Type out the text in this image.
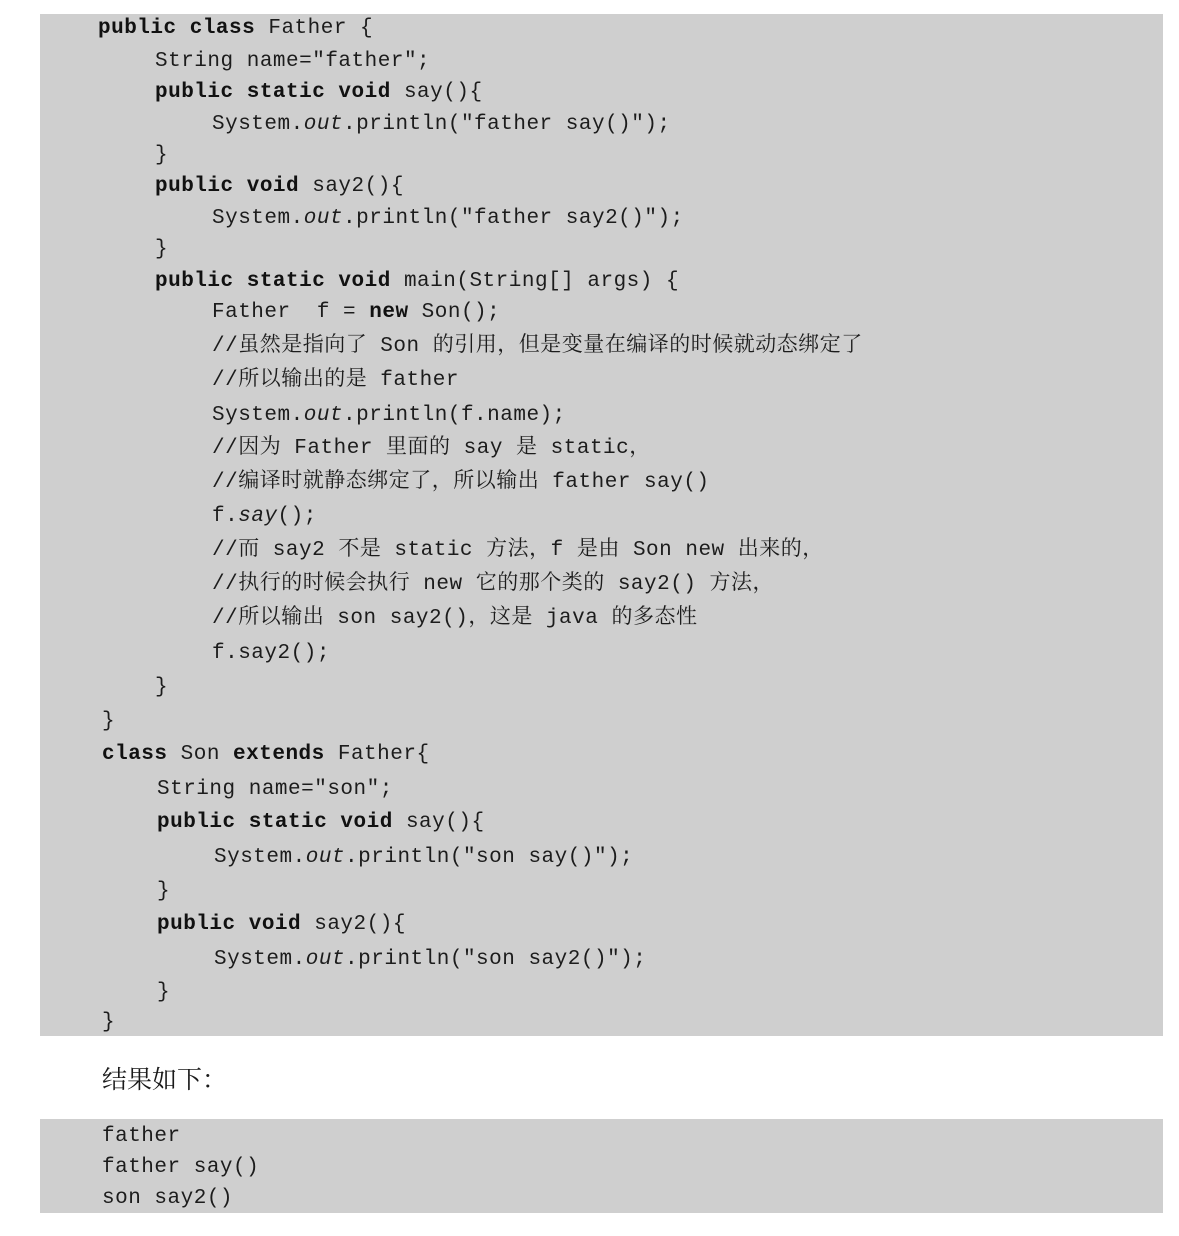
public class Father {
String name="father";
public static void say(){
System.out.println("father say()");
}
public void say2(){
System.out.println("father say2()");
}
public static void main(String[] args) {
Father  f = new Son();
//虽然是指向了 Son 的引用，但是变量在编译的时候就动态绑定了
//所以输出的是 father
System.out.println(f.name);
//因为 Father 里面的 say 是 static，
//编译时就静态绑定了，所以输出 father say()
f.say();
//而 say2 不是 static 方法，f 是由 Son new 出来的，
//执行的时候会执行 new 它的那个类的 say2() 方法，
//所以输出 son say2()，这是 java 的多态性
f.say2();
}
}
class Son extends Father{
String name="son";
public static void say(){
System.out.println("son say()");
}
public void say2(){
System.out.println("son say2()");
}
}
结果如下：
father
father say()
son say2()
